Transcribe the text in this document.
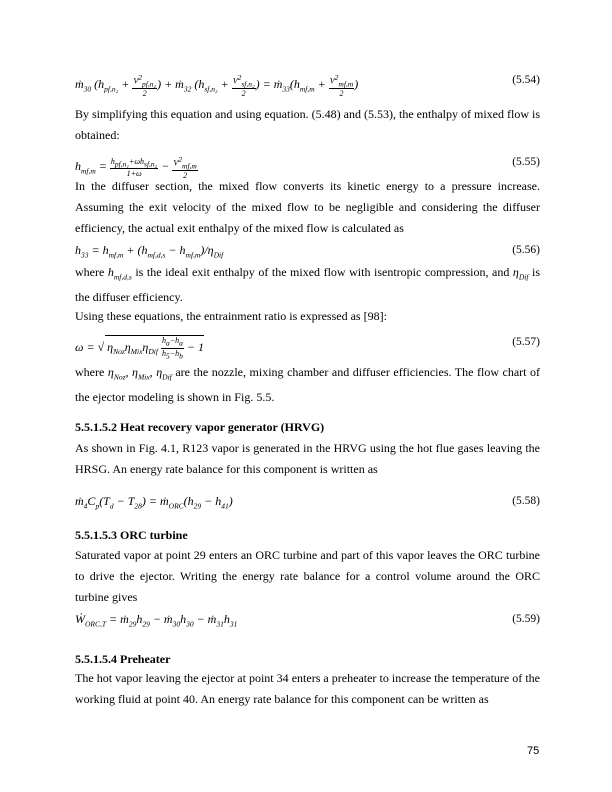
ṁ$_{30}$ ($h_{pf,n_2} + \frac{V^2_{pf,n_2}}{2}$ ) + ṁ$_{32}$ ($h_{sf,n_2} + \frac{V^2_{sf,n_2}}{2}$ ) = $ṁ_{33}(h_{mf,m} + \frac{V^2_{mf,m}}{2}$ )	(5.54)
By simplifying this equation and using equation. (5.48) and (5.53), the enthalpy of mixed flow is obtained:
$h_{mf,m} = \frac{h_{pf,n_1}+\omega h_{sf,n_2}}{1+\omega} - \frac{V^2_{mf,m}}{2}$	(5.55)
In the diffuser section, the mixed flow converts its kinetic energy to a pressure increase. Assuming the exit velocity of the mixed flow to be negligible and considering the diffuser efficiency, the actual exit enthalpy of the mixed flow is calculated as
$h_{33} = h_{mf,m} + (h_{mf,d,s} - h_{mf,m})/\eta_{Dif}$	(5.56)
where $h_{mf,d,s}$ is the ideal exit enthalpy of the mixed flow with isentropic compression, and $\eta_{Dif}$ is the diffuser efficiency.
Using these equations, the entrainment ratio is expressed as [98]:
ω = √ $\eta_{Noz}\eta_{Mix}\eta_{Dif} \frac{h_a-h_a}{h_5-h_b} - 1$	(5.57)
where $\eta_{Noz}$, $\eta_{Mix}$, $\eta_{Dif}$ are the nozzle, mixing chamber and diffuser efficiencies. The flow chart of the ejector modeling is shown in Fig. 5.5.
5.5.1.5.2 Heat recovery vapor generator (HRVG)
As shown in Fig. 4.1, R123 vapor is generated in the HRVG using the hot flue gases leaving the HRSG. An energy rate balance for this component is written as
$ṁ_4C_p(T_d - T_{28})$ = $ṁ_{ORC}(h_{29} - h_{41})$	(5.58)
5.5.1.5.3 ORC turbine
Saturated vapor at point 29 enters an ORC turbine and part of this vapor leaves the ORC turbine to drive the ejector. Writing the energy rate balance for a control volume around the ORC turbine gives
Ẇ$_{ORC,T}$ = $ṁ_{29}h_{29}$ − $ṁ_{30}h_{30}$ − $ṁ_{31}h_{31}$	(5.59)
5.5.1.5.4 Preheater
The hot vapor leaving the ejector at point 34 enters a preheater to increase the temperature of the working fluid at point 40. An energy rate balance for this component can be written as
75
